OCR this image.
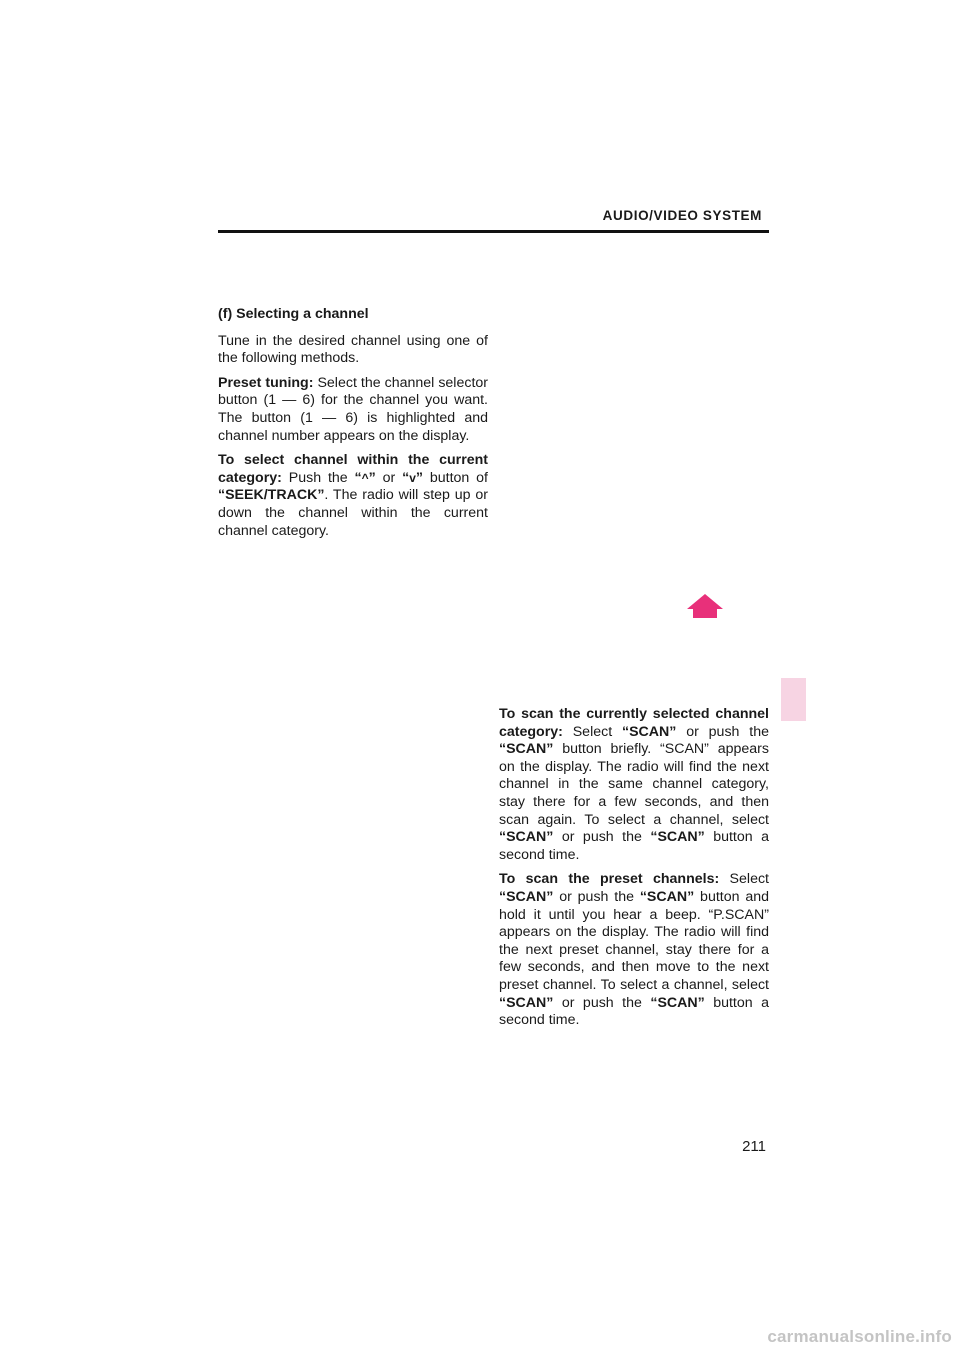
AUDIO/VIDEO SYSTEM

(f) Selecting a channel

Tune in the desired channel using one of the following methods.

Preset tuning: Select the channel selector button (1 — 6) for the channel you want. The button (1 — 6) is highlighted and channel number appears on the display.

To select channel within the current category: Push the “^” or “v” button of “SEEK/TRACK”. The radio will step up or down the channel within the current channel category.

To scan the currently selected channel category: Select “SCAN” or push the “SCAN” button briefly. “SCAN” appears on the display. The radio will find the next channel in the same channel category, stay there for a few seconds, and then scan again. To select a channel, select “SCAN” or push the “SCAN” button a second time.

To scan the preset channels: Select “SCAN” or push the “SCAN” button and hold it until you hear a beep. “P.SCAN” appears on the display. The radio will find the next preset channel, stay there for a few seconds, and then move to the next preset channel. To select a channel, select “SCAN” or push the “SCAN” button a second time.

211
carmanualsonline.info
